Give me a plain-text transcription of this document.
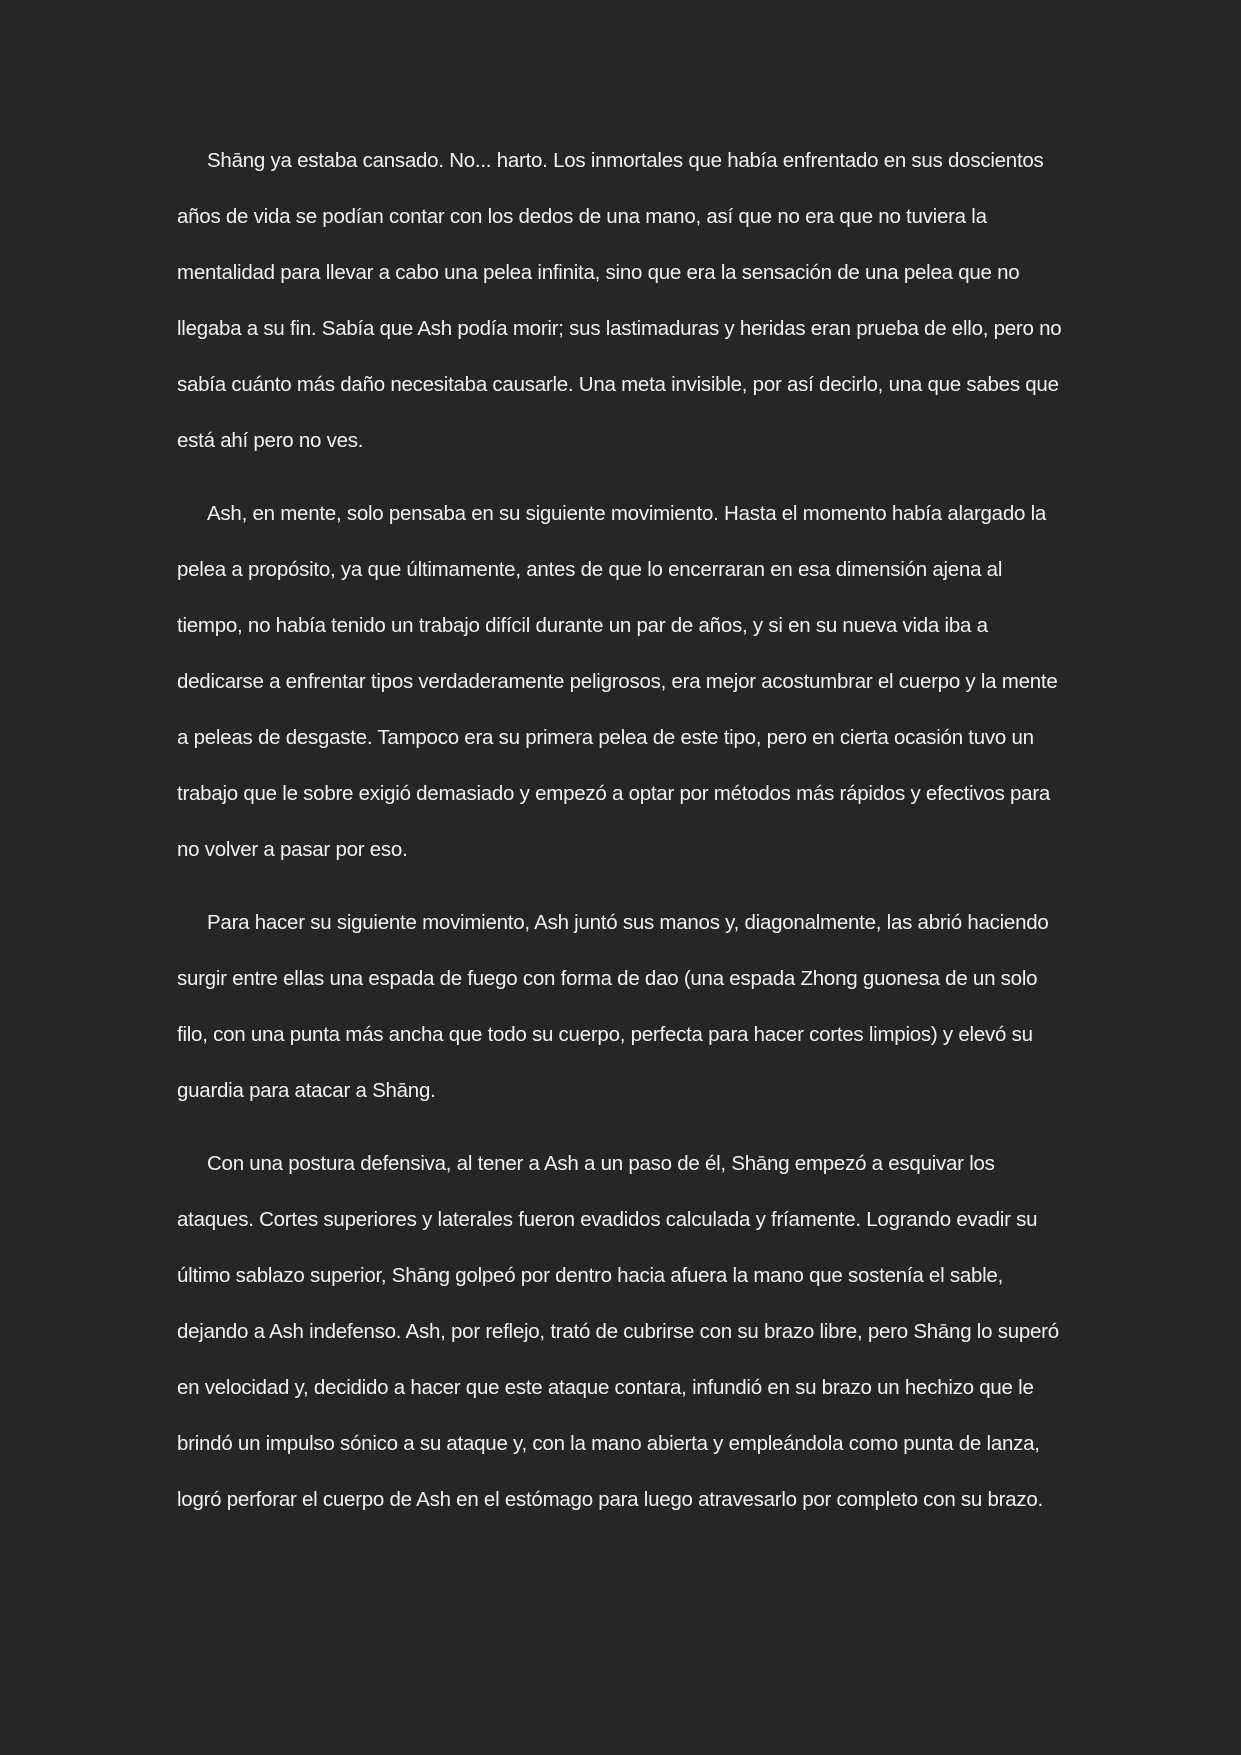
Shāng ya estaba cansado. No... harto. Los inmortales que había enfrentado en sus doscientos años de vida se podían contar con los dedos de una mano, así que no era que no tuviera la mentalidad para llevar a cabo una pelea infinita, sino que era la sensación de una pelea que no llegaba a su fin. Sabía que Ash podía morir; sus lastimaduras y heridas eran prueba de ello, pero no sabía cuánto más daño necesitaba causarle. Una meta invisible, por así decirlo, una que sabes que está ahí pero no ves.

Ash, en mente, solo pensaba en su siguiente movimiento. Hasta el momento había alargado la pelea a propósito, ya que últimamente, antes de que lo encerraran en esa dimensión ajena al tiempo, no había tenido un trabajo difícil durante un par de años, y si en su nueva vida iba a dedicarse a enfrentar tipos verdaderamente peligrosos, era mejor acostumbrar el cuerpo y la mente a peleas de desgaste. Tampoco era su primera pelea de este tipo, pero en cierta ocasión tuvo un trabajo que le sobre exigió demasiado y empezó a optar por métodos más rápidos y efectivos para no volver a pasar por eso.

Para hacer su siguiente movimiento, Ash juntó sus manos y, diagonalmente, las abrió haciendo surgir entre ellas una espada de fuego con forma de dao (una espada Zhong guonesa de un solo filo, con una punta más ancha que todo su cuerpo, perfecta para hacer cortes limpios) y elevó su guardia para atacar a Shāng.

Con una postura defensiva, al tener a Ash a un paso de él, Shāng empezó a esquivar los ataques. Cortes superiores y laterales fueron evadidos calculada y fríamente. Logrando evadir su último sablazo superior, Shāng golpeó por dentro hacia afuera la mano que sostenía el sable, dejando a Ash indefenso. Ash, por reflejo, trató de cubrirse con su brazo libre, pero Shāng lo superó en velocidad y, decidido a hacer que este ataque contara, infundió en su brazo un hechizo que le brindó un impulso sónico a su ataque y, con la mano abierta y empleándola como punta de lanza, logró perforar el cuerpo de Ash en el estómago para luego atravesarlo por completo con su brazo.
